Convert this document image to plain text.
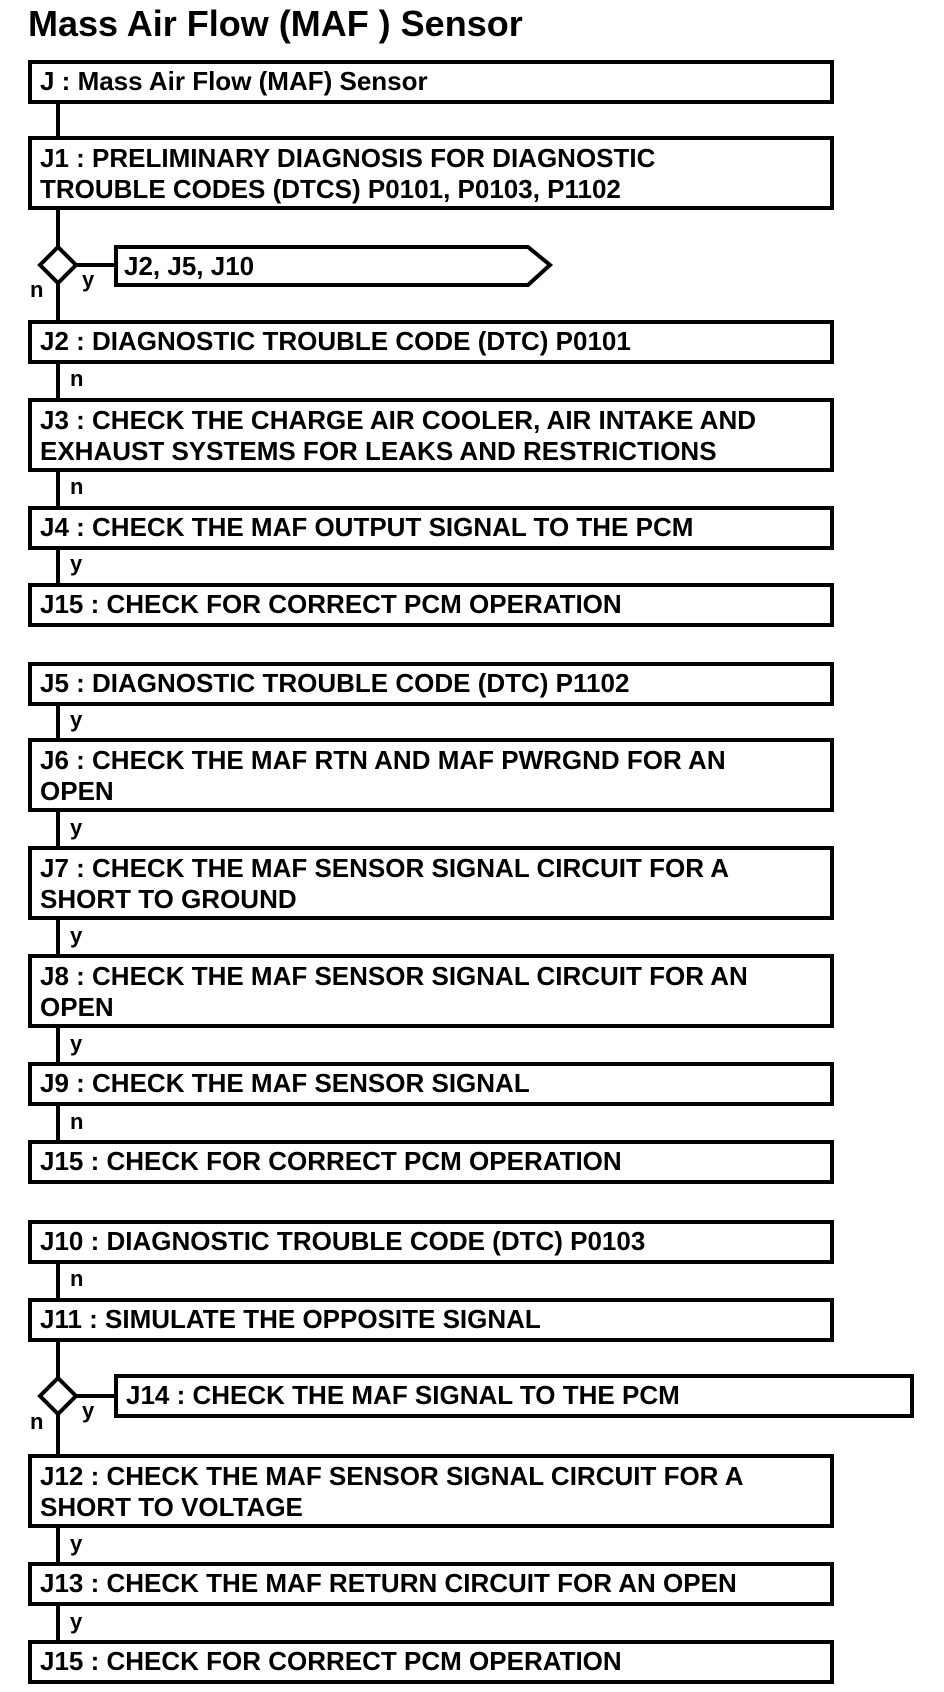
Mass Air Flow (MAF ) Sensor
J : Mass Air Flow (MAF) Sensor
J1 : PRELIMINARY DIAGNOSIS FOR DIAGNOSTIC
TROUBLE CODES (DTCS) P0101, P0103, P1102
y
n
J2, J5, J10
J2 : DIAGNOSTIC TROUBLE CODE (DTC) P0101
n
J3 : CHECK THE CHARGE AIR COOLER, AIR INTAKE AND
EXHAUST SYSTEMS FOR LEAKS AND RESTRICTIONS
n
J4 : CHECK THE MAF OUTPUT SIGNAL TO THE PCM
y
J15 : CHECK FOR CORRECT PCM OPERATION
J5 : DIAGNOSTIC TROUBLE CODE (DTC) P1102
y
J6 : CHECK THE MAF RTN AND MAF PWRGND FOR AN
OPEN
y
J7 : CHECK THE MAF SENSOR SIGNAL CIRCUIT FOR A
SHORT TO GROUND
y
J8 : CHECK THE MAF SENSOR SIGNAL CIRCUIT FOR AN
OPEN
y
J9 : CHECK THE MAF SENSOR SIGNAL
n
J15 : CHECK FOR CORRECT PCM OPERATION
J10 : DIAGNOSTIC TROUBLE CODE (DTC) P0103
n
J11 : SIMULATE THE OPPOSITE SIGNAL
y
n
J14 : CHECK THE MAF SIGNAL TO THE PCM
J12 : CHECK THE MAF SENSOR SIGNAL CIRCUIT FOR A
SHORT TO VOLTAGE
y
J13 : CHECK THE MAF RETURN CIRCUIT FOR AN OPEN
y
J15 : CHECK FOR CORRECT PCM OPERATION
